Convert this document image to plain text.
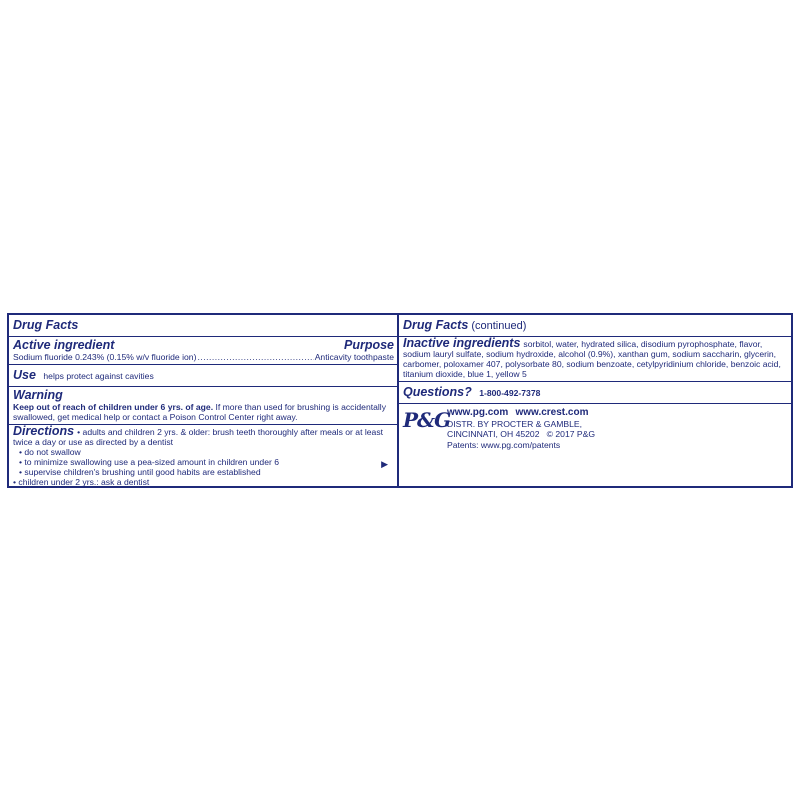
Drug Facts
Active ingredient	Purpose
Sodium fluoride 0.243% (0.15% w/v fluoride ion)
.....	Anticavity toothpaste
Use helps protect against cavities
Warning
Keep out of reach of children under 6 yrs. of age. If more than used for brushing is accidentally swallowed, get medical help or contact a Poison Control Center right away.
Directions • adults and children 2 yrs. & older: brush teeth thoroughly after meals or at least twice a day or use as directed by a dentist
• do not swallow
• to minimize swallowing use a pea-sized amount in children under 6
• supervise children's brushing until good habits are established
• children under 2 yrs.: ask a dentist
▶
Drug Facts (continued)
Inactive ingredients sorbitol, water, hydrated silica, disodium pyrophosphate, flavor, sodium lauryl sulfate, sodium hydroxide, alcohol (0.9%), xanthan gum, sodium saccharin, glycerin, carbomer, poloxamer 407, polysorbate 80, sodium benzoate, cetylpyridinium chloride, benzoic acid, titanium dioxide, blue 1, yellow 5
Questions? 1-800-492-7378
P&G
www.pg.com www.crest.com
DISTR. BY PROCTER & GAMBLE,
CINCINNATI, OH 45202 © 2017 P&G
Patents: www.pg.com/patents
